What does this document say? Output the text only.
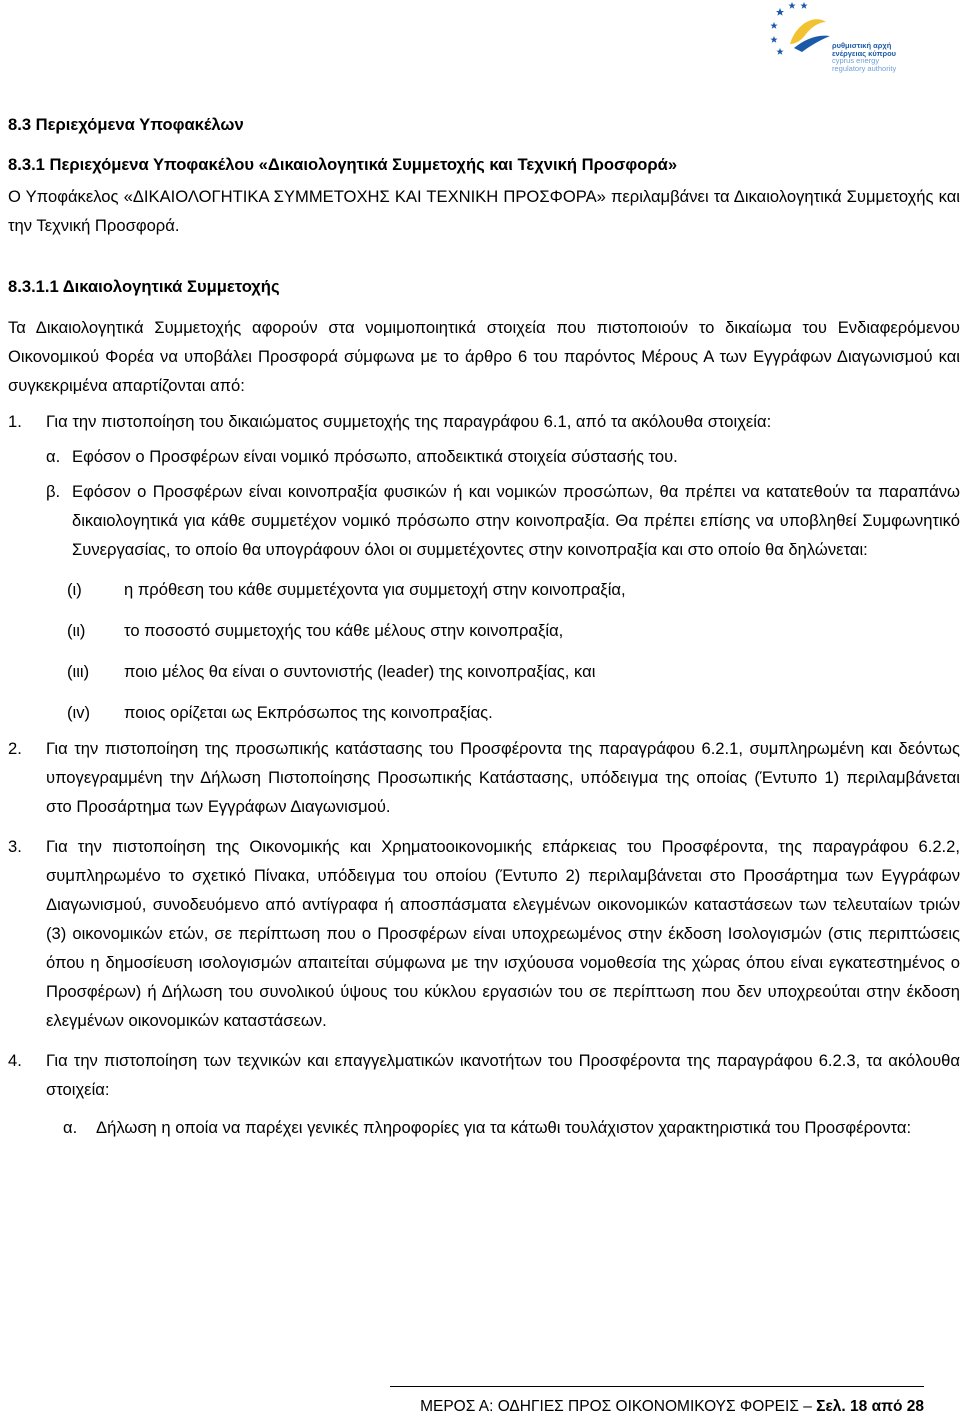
ρυθμιστική αρχή
ενέργειας κύπρου
cyprus energy
regulatory authority
8.3 Περιεχόμενα Υποφακέλων
8.3.1 Περιεχόμενα Υποφακέλου «Δικαιολογητικά Συμμετοχής και Τεχνική Προσφορά»

Ο Υποφάκελος «ΔΙΚΑΙΟΛΟΓΗΤΙΚΑ ΣΥΜΜΕΤΟΧΗΣ ΚΑΙ ΤΕΧΝΙΚΗ ΠΡΟΣΦΟΡΑ» περιλαμβάνει τα Δικαιολογητικά Συμμετοχής και την Τεχνική Προσφορά.

8.3.1.1 Δικαιολογητικά Συμμετοχής

Τα Δικαιολογητικά Συμμετοχής αφορούν στα νομιμοποιητικά στοιχεία που πιστοποιούν το δικαίωμα του Ενδιαφερόμενου Οικονομικού Φορέα να υποβάλει Προσφορά σύμφωνα με το άρθρο 6 του παρόντος Μέρους Α των Εγγράφων Διαγωνισμού και συγκεκριμένα απαρτίζονται από:

1. Για την πιστοποίηση του δικαιώματος συμμετοχής της παραγράφου 6.1, από τα ακόλουθα στοιχεία:
α. Εφόσον ο Προσφέρων είναι νομικό πρόσωπο, αποδεικτικά στοιχεία σύστασής του.
β. Εφόσον ο Προσφέρων είναι κοινοπραξία φυσικών ή και νομικών προσώπων, θα πρέπει να κατατεθούν τα παραπάνω δικαιολογητικά για κάθε συμμετέχον νομικό πρόσωπο στην κοινοπραξία. Θα πρέπει επίσης να υποβληθεί Συμφωνητικό Συνεργασίας, το οποίο θα υπογράφουν όλοι οι συμμετέχοντες στην κοινοπραξία και στο οποίο θα δηλώνεται:
(ι)	η πρόθεση του κάθε συμμετέχοντα για συμμετοχή στην κοινοπραξία,
(ιι) το ποσοστό συμμετοχής του κάθε μέλους στην κοινοπραξία,
(ιιι) ποιο μέλος θα είναι ο συντονιστής (leader) της κοινοπραξίας, και
(ιv) ποιος ορίζεται ως Εκπρόσωπος της κοινοπραξίας.
2. Για την πιστοποίηση της προσωπικής κατάστασης του Προσφέροντα της παραγράφου 6.2.1, συμπληρωμένη και δεόντως υπογεγραμμένη την Δήλωση Πιστοποίησης Προσωπικής Κατάστασης, υπόδειγμα της οποίας (Έντυπο 1) περιλαμβάνεται στο Προσάρτημα των Εγγράφων Διαγωνισμού.
3. Για την πιστοποίηση της Οικονομικής και Χρηματοοικονομικής επάρκειας του Προσφέροντα, της παραγράφου 6.2.2, συμπληρωμένο το σχετικό Πίνακα, υπόδειγμα του οποίου (Έντυπο 2) περιλαμβάνεται στο Προσάρτημα των Εγγράφων Διαγωνισμού, συνοδευόμενο από αντίγραφα ή αποσπάσματα ελεγμένων οικονομικών καταστάσεων των τελευταίων τριών (3) οικονομικών ετών, σε περίπτωση που ο Προσφέρων είναι υποχρεωμένος στην έκδοση Ισολογισμών (στις περιπτώσεις όπου η δημοσίευση ισολογισμών απαιτείται σύμφωνα με την ισχύουσα νομοθεσία της χώρας όπου είναι εγκατεστημένος ο Προσφέρων) ή Δήλωση του συνολικού ύψους του κύκλου εργασιών του σε περίπτωση που δεν υποχρεούται στην έκδοση ελεγμένων οικονομικών καταστάσεων.
4. Για την πιστοποίηση των τεχνικών και επαγγελματικών ικανοτήτων του Προσφέροντα της παραγράφου 6.2.3, τα ακόλουθα στοιχεία:
α. Δήλωση η οποία να παρέχει γενικές πληροφορίες για τα κάτωθι τουλάχιστον χαρακτηριστικά του Προσφέροντα:
ΜΕΡΟΣ Α: ΟΔΗΓΙΕΣ ΠΡΟΣ ΟΙΚΟΝΟΜΙΚΟΥΣ ΦΟΡΕΙΣ – Σελ. 18 από 28
